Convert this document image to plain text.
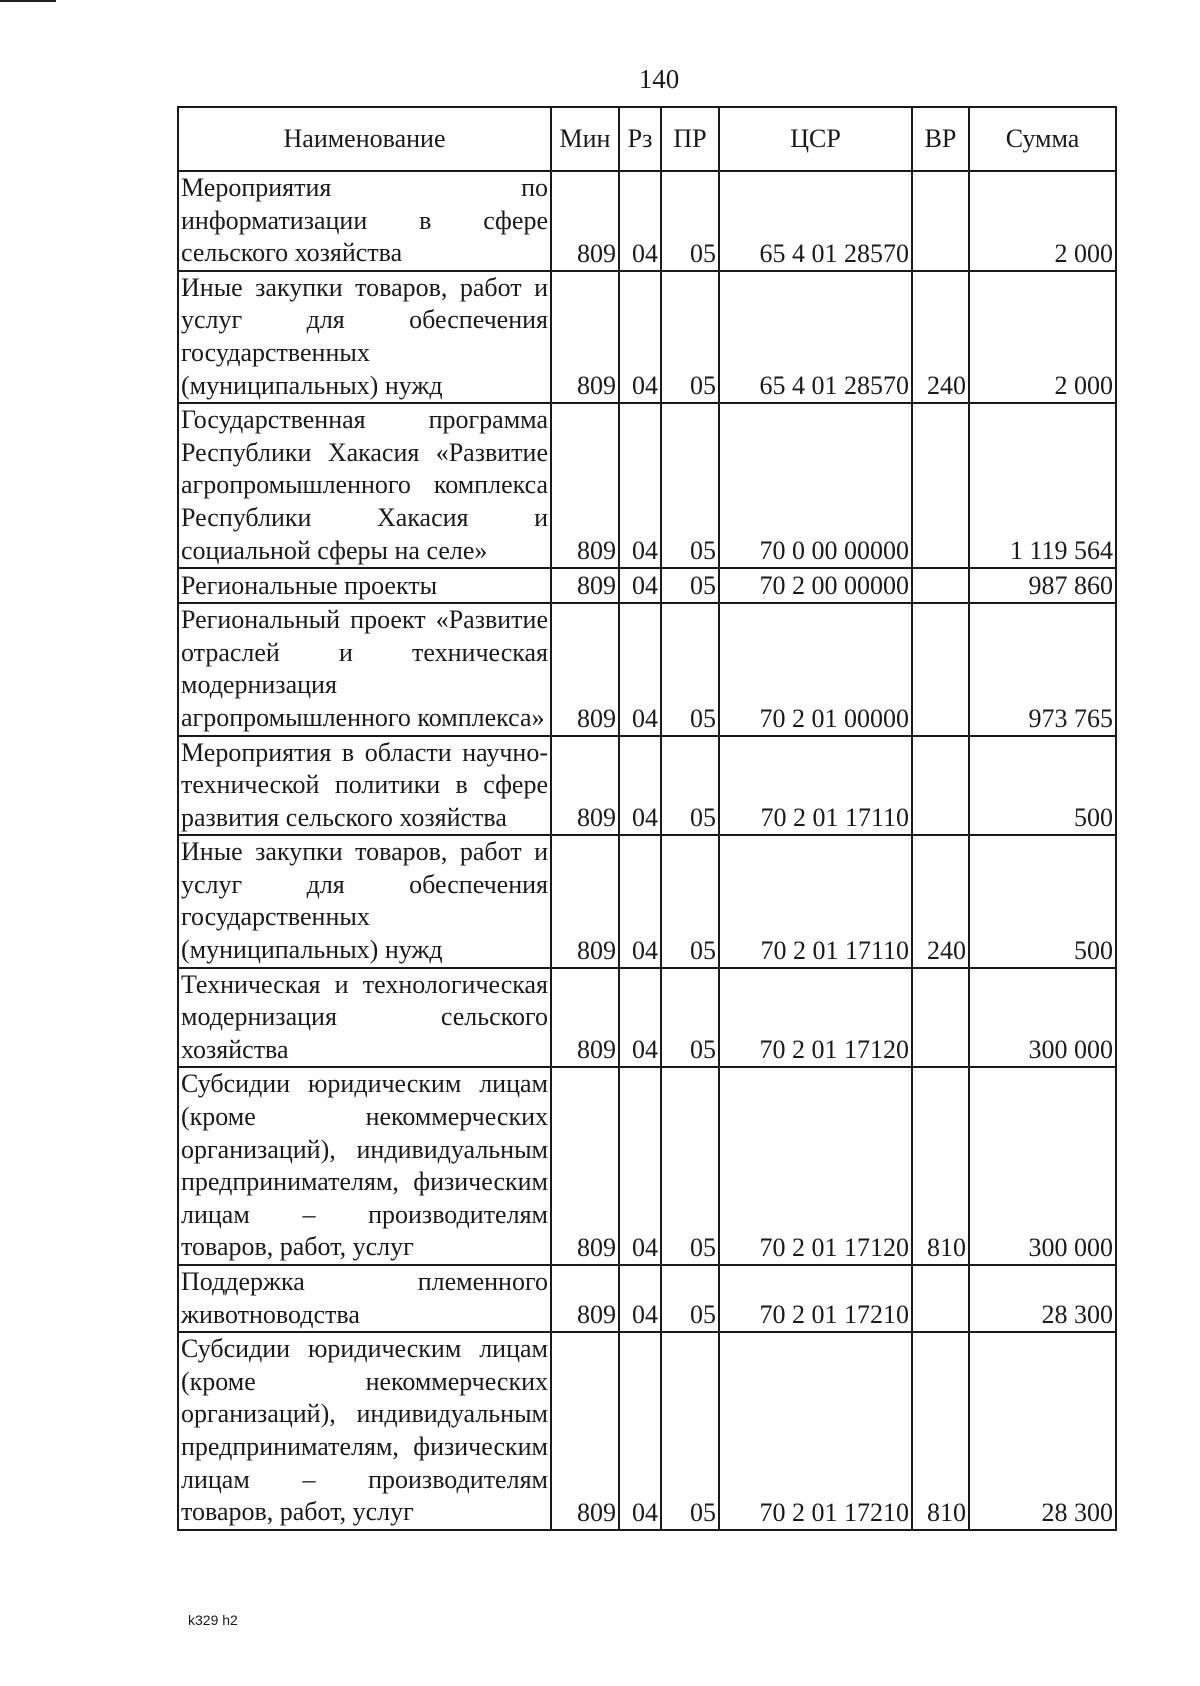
140
Наименование	Мин	Рз	ПР	ЦСР	ВР	Сумма
Мероприятия по информатизации в сфере сельского хозяйства	809	04	05	65 4 01 28570		2 000
Иные закупки товаров, работ и услуг для обеспечения государственных (муниципальных) нужд	809	04	05	65 4 01 28570	240	2 000
Государственная программа Республики Хакасия «Развитие агропромышленного комплекса Республики Хакасия и социальной сферы на селе»	809	04	05	70 0 00 00000		1 119 564
Региональные проекты	809	04	05	70 2 00 00000		987 860
Региональный проект «Развитие отраслей и техническая модернизация агропромышленного комплекса»	809	04	05	70 2 01 00000		973 765
Мероприятия в области научно-технической политики в сфере развития сельского хозяйства	809	04	05	70 2 01 17110		500
Иные закупки товаров, работ и услуг для обеспечения государственных (муниципальных) нужд	809	04	05	70 2 01 17110	240	500
Техническая и технологическая модернизация сельского хозяйства	809	04	05	70 2 01 17120		300 000
Субсидии юридическим лицам (кроме некоммерческих организаций), индивидуальным предпринимателям, физическим лицам – производителям товаров, работ, услуг	809	04	05	70 2 01 17120	810	300 000
Поддержка племенного животноводства	809	04	05	70 2 01 17210		28 300
Субсидии юридическим лицам (кроме некоммерческих организаций), индивидуальным предпринимателям, физическим лицам – производителям товаров, работ, услуг	809	04	05	70 2 01 17210	810	28 300
k329 h2
